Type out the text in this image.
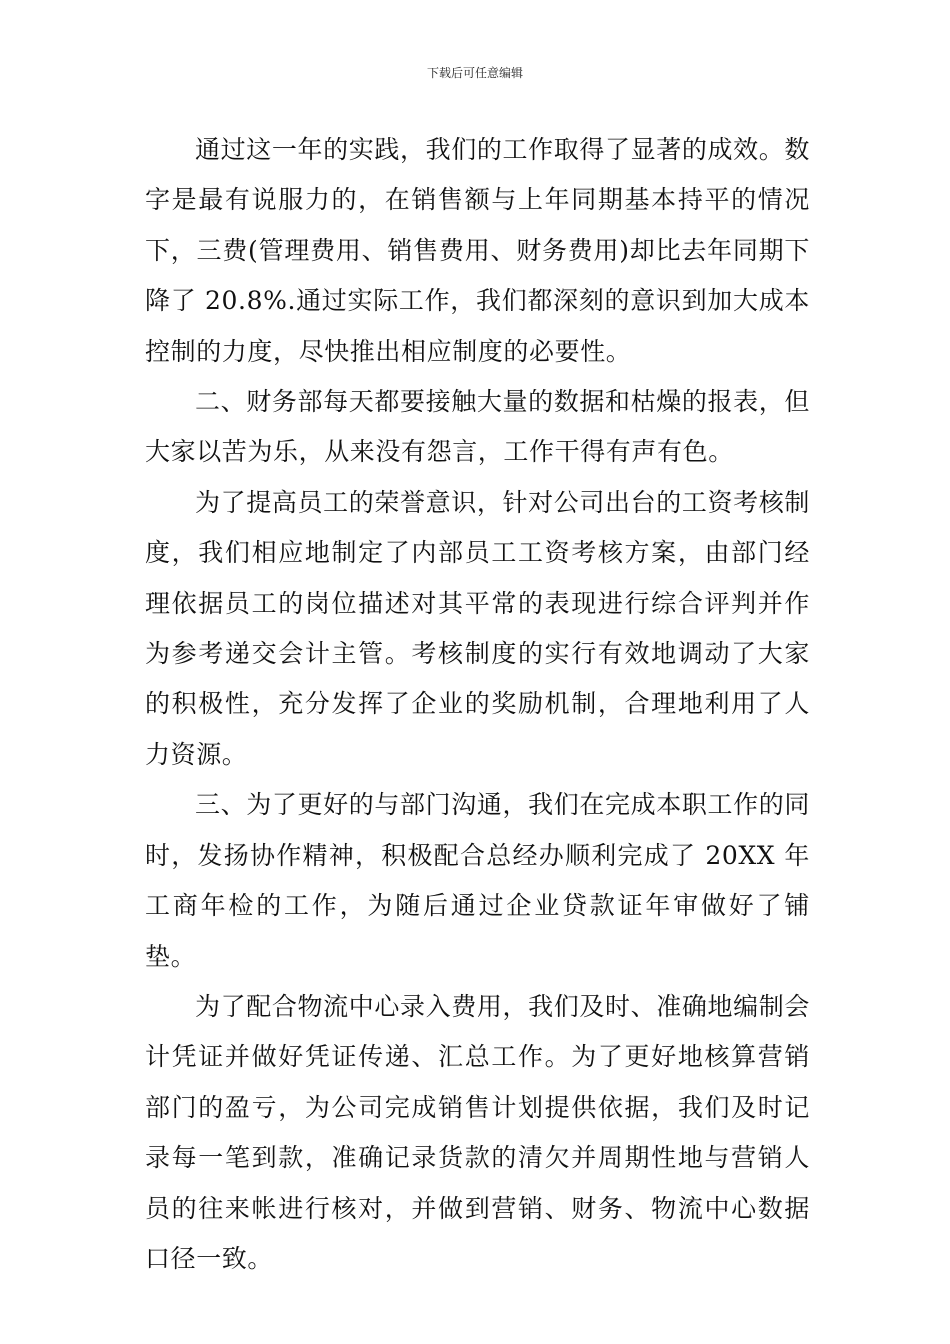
下载后可任意编辑

通过这一年的实践，我们的工作取得了显著的成效。数字是最有说服力的，在销售额与上年同期基本持平的情况下，三费(管理费用、销售费用、财务费用)却比去年同期下降了 20.8%.通过实际工作，我们都深刻的意识到加大成本控制的力度，尽快推出相应制度的必要性。

二、财务部每天都要接触大量的数据和枯燥的报表，但大家以苦为乐，从来没有怨言，工作干得有声有色。

为了提高员工的荣誉意识，针对公司出台的工资考核制度，我们相应地制定了内部员工工资考核方案，由部门经理依据员工的岗位描述对其平常的表现进行综合评判并作为参考递交会计主管。考核制度的实行有效地调动了大家的积极性，充分发挥了企业的奖励机制，合理地利用了人力资源。

三、为了更好的与部门沟通，我们在完成本职工作的同时，发扬协作精神，积极配合总经办顺利完成了 20XX 年工商年检的工作，为随后通过企业贷款证年审做好了铺垫。

为了配合物流中心录入费用，我们及时、准确地编制会计凭证并做好凭证传递、汇总工作。为了更好地核算营销部门的盈亏，为公司完成销售计划提供依据，我们及时记录每一笔到款，准确记录货款的清欠并周期性地与营销人员的往来帐进行核对，并做到营销、财务、物流中心数据口径一致。
